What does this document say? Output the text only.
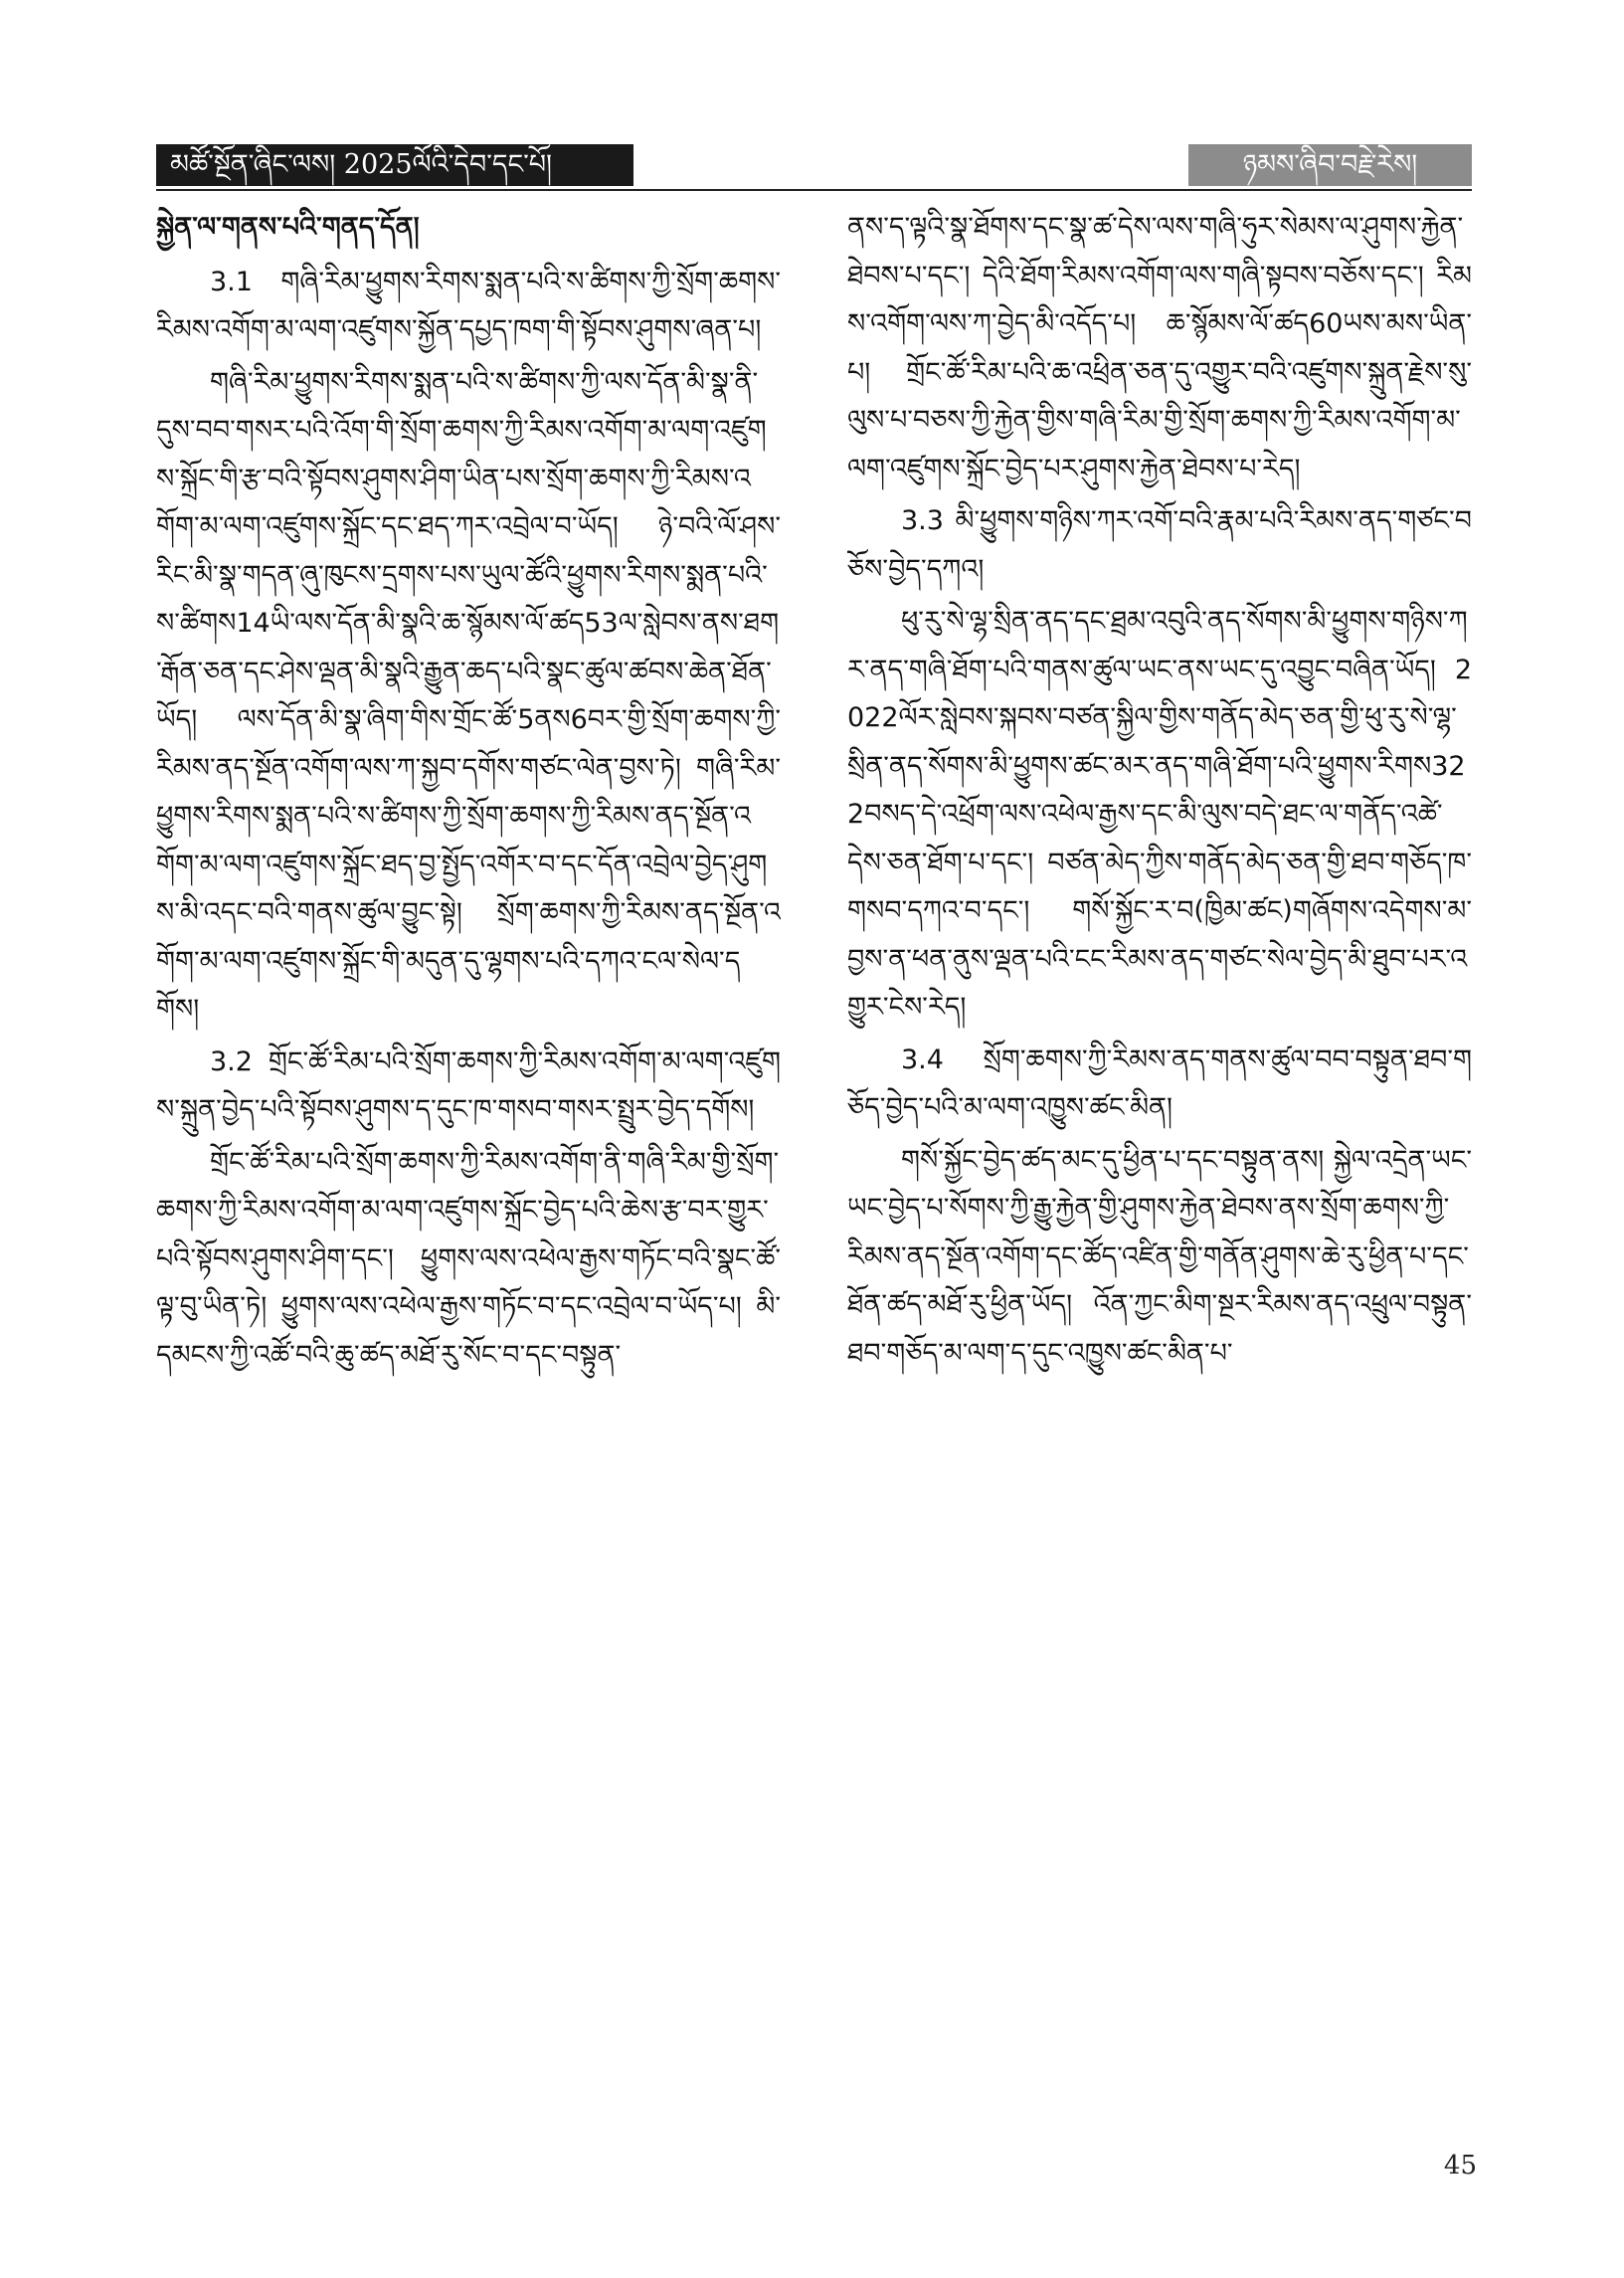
མཚོ་སྔོན་ཞིང་ལས། 2025ལོའི་དེབ་དང་པོ།	ཉམས་ཞིབ་བརྗེ་རེས།
སྐྱེན་ལ་གནས་པའི་གནད་དོན།

3.1 གཞི་རིམ་ཕྱུགས་རིགས་སྨན་པའི་ས་ཚིགས་ཀྱི་སྲོག་ཆགས་རིམས་འགོག་མ་ལག་འཛུགས་སྐྱོན་དཔྱད་ཁག་གི་སྟོབས་ཤུགས་ཞན་པ།

གཞི་རིམ་ཕྱུགས་རིགས་སྨན་པའི་ས་ཚིགས་ཀྱི་ལས་དོན་མི་སྣ་ནི་དུས་བབ་གསར་པའི་འོག་གི་སྲོག་ཆགས་ཀྱི་རིམས་འགོག་མ་ལག་འཛུགས་སྐྲོང་གི་རྩ་བའི་སྟོབས་ཤུགས་ཤིག་ཡིན་པས་སྲོག་ཆགས་ཀྱི་རིམས་འགོག་མ་ལག་འཛུགས་སྐྲོང་དང་ཐད་ཀར་འབྲེལ་བ་ཡོད། ཉེ་བའི་ལོ་ཤས་རིང་མི་སྣ་གདན་ཞུ་ཁུངས་དྲགས་པས་ཡུལ་ཚོའི་ཕྱུགས་རིགས་སྨན་པའི་ས་ཚིགས14ཡི་ལས་དོན་མི་སྣའི་ཆ་སྙོམས་ལོ་ཚད53ལ་སླེབས་ནས་ཐག་རྒོན་ཅན་དང་ཤེས་ལྡན་མི་སྣའི་རྒྱུན་ཆད་པའི་སྣང་ཚུལ་ཚབས་ཆེན་ཐོན་ཡོད། ལས་དོན་མི་སྣ་ཞིག་གིས་གྲོང་ཚོ་5ནས6བར་གྱི་སྲོག་ཆགས་ཀྱི་རིམས་ནད་སྔོན་འགོག་ལས་ཀ་སྐྱབ་དགོས་གཙང་ལེན་བྱས་ཏེ། གཞི་རིམ་ཕྱུགས་རིགས་སྨན་པའི་ས་ཚིགས་ཀྱི་སྲོག་ཆགས་ཀྱི་རིམས་ནད་སྔོན་འགོག་མ་ལག་འཛུགས་སྐྲོང་ཐད་བྱ་སྤྱོད་འགོར་བ་དང་དོན་འབྲེལ་བྱེད་ཤུགས་མི་འདང་བའི་གནས་ཚུལ་བྱུང་སྟེ། སྲོག་ཆགས་ཀྱི་རིམས་ནད་སྔོན་འགོག་མ་ལག་འཛུགས་སྐྲོང་གི་མདུན་དུ་ལྷགས་པའི་དཀའ་ངལ་སེལ་དགོས།

3.2 གྲོང་ཚོ་རིམ་པའི་སྲོག་ཆགས་ཀྱི་རིམས་འགོག་མ་ལག་འཛུགས་སྐྲུན་བྱེད་པའི་སྟོབས་ཤུགས་ད་དུང་ཁ་གསབ་གསར་སྤྲུར་བྱེད་དགོས།

གྲོང་ཚོ་རིམ་པའི་སྲོག་ཆགས་ཀྱི་རིམས་འགོག་ནི་གཞི་རིམ་གྱི་སྲོག་ཆགས་ཀྱི་རིམས་འགོག་མ་ལག་འཛུགས་སྐྲོང་བྱེད་པའི་ཆེས་རྩ་བར་གྱུར་པའི་སྟོབས་ཤུགས་ཤིག་དང་། ཕྱུགས་ལས་འཕེལ་རྒྱས་གཏོང་བའི་སྣང་ཚོ་ལྟ་བུ་ཡིན་ཏེ། ཕྱུགས་ལས་འཕེལ་རྒྱས་གཏོང་བ་དང་འབྲེལ་བ་ཡོད་པ། མི་དམངས་ཀྱི་འཚོ་བའི་ཆུ་ཚད་མཐོ་རུ་སོང་བ་དང་བསྟུན་

ནས་ད་ལྟའི་སྣ་ཐོགས་དང་སྣ་ཚ་དེས་ལས་གཞི་ཧུར་སེམས་ལ་ཤུགས་རྐྱེན་ཐེབས་པ་དང་། དེའི་ཐོག་རིམས་འགོག་ལས་གཞི་སྟབས་བཅོས་དང་། རིམས་འགོག་ལས་ཀ་བྱེད་མི་འདོད་པ། ཆ་སྙོམས་ལོ་ཚད60ཡས་མས་ཡིན་པ། གྲོང་ཚོ་རིམ་པའི་ཆ་འཕྲིན་ཅན་དུ་འགྱུར་བའི་འཛུགས་སྐྲུན་རྗེས་སུ་ལུས་པ་བཅས་ཀྱི་རྐྱེན་གྱིས་གཞི་རིམ་གྱི་སྲོག་ཆགས་ཀྱི་རིམས་འགོག་མ་ལག་འཛུགས་སྐྲོང་བྱེད་པར་ཤུགས་རྐྱེན་ཐེབས་པ་རེད།

3.3 མི་ཕྱུགས་གཉིས་ཀར་འགོ་བའི་རྣམ་པའི་རིམས་ནད་གཙང་བཅོས་བྱེད་དཀའ།

ཕུ་རུ་སེ་ལྷ་སྲིན་ནད་དང་ཐྲམ་འབུའི་ནད་སོགས་མི་ཕྱུགས་གཉིས་ཀར་ནད་གཞི་ཐོག་པའི་གནས་ཚུལ་ཡང་ནས་ཡང་དུ་འབྱུང་བཞིན་ཡོད། 2022ལོར་སླེབས་སྐབས་བཙན་སྐྱིལ་གྱིས་གནོད་མེད་ཅན་གྱི་ཕུ་རུ་སེ་ལྷ་སྲིན་ནད་སོགས་མི་ཕྱུགས་ཚང་མར་ནད་གཞི་ཐོག་པའི་ཕྱུགས་རིགས322བསད་དེ་འཕྲོག་ལས་འཕེལ་རྒྱས་དང་མི་ལུས་བདེ་ཐང་ལ་གནོད་འཚེ་དེས་ཅན་ཐོག་པ་དང་། བཙན་མེད་ཀྱིས་གནོད་མེད་ཅན་གྱི་ཐབ་གཅོད་ཁ་གསབ་དཀའ་བ་དང་། གསོ་སྐྱོང་ར་བ(ཁྱིམ་ཚང)གཞོགས་འདེགས་མ་བྱས་ན་ཕན་ནུས་ལྡན་པའི་ངང་རིམས་ནད་གཙང་སེལ་བྱེད་མི་ཐུབ་པར་འགྱུར་ངེས་རེད།

3.4 སྲོག་ཆགས་ཀྱི་རིམས་ནད་གནས་ཚུལ་བབ་བསྟུན་ཐབ་གཅོད་བྱེད་པའི་མ་ལག་འཁྱུས་ཚང་མིན།

གསོ་སྐྱོང་བྱེད་ཚད་མང་དུ་ཕྱིན་པ་དང་བསྟུན་ནས། སྐྱེལ་འདྲེན་ཡང་ཡང་བྱེད་པ་སོགས་ཀྱི་རྒྱུ་རྐྱེན་གྱི་ཤུགས་རྐྱེན་ཐེབས་ནས་སྲོག་ཆགས་ཀྱི་རིམས་ནད་སྔོན་འགོག་དང་ཚོད་འཛིན་གྱི་གནོན་ཤུགས་ཆེ་རུ་ཕྱིན་པ་དང་ཐོན་ཚད་མཐོ་རུ་ཕྱིན་ཡོད། འོན་ཀྱང་མིག་སྔར་རིམས་ནད་འཕྲུལ་བསྟུན་ཐབ་གཅོད་མ་ལག་ད་དུང་འཁྱུས་ཚང་མིན་པ་

45
